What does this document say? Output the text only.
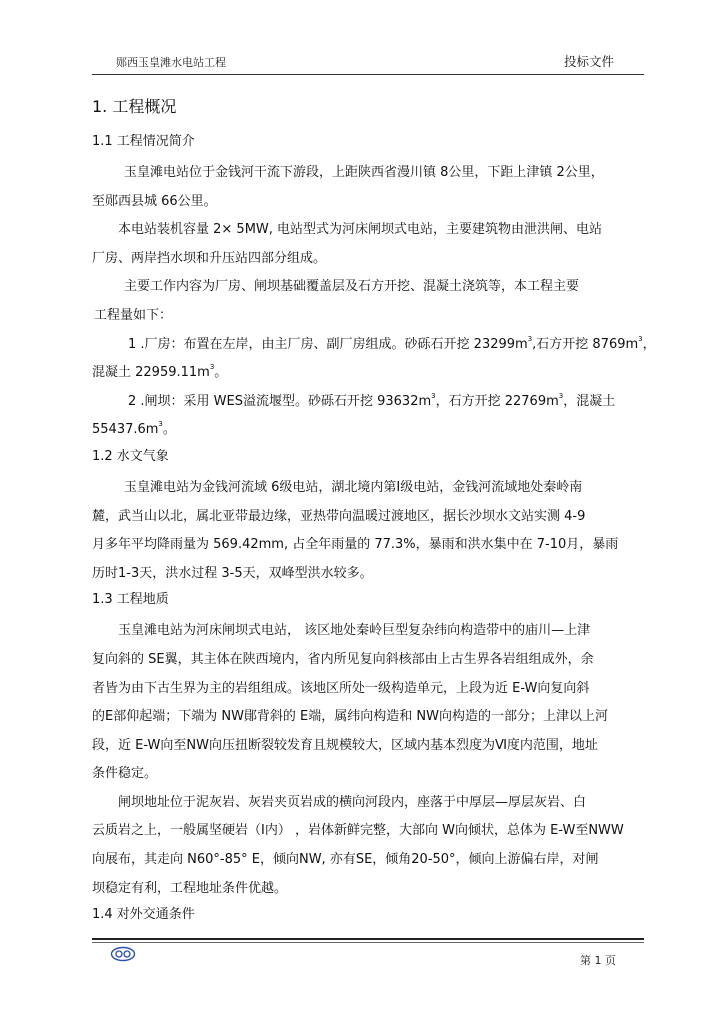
郧西玉皇滩水电站工程	投标文件
1. 工程概况
1.1 工程情况简介
玉皇滩电站位于金钱河干流下游段，上距陕西省漫川镇 8公里，下距上津镇 2公里，
至郧西县城 66公里。
本电站装机容量 2× 5MW, 电站型式为河床闸坝式电站，主要建筑物由泄洪闸、电站
厂房、两岸挡水坝和升压站四部分组成。
主要工作内容为厂房、闸坝基础覆盖层及石方开挖、混凝土浇筑等，本工程主要
工程量如下：
1 .厂房：布置在左岸，由主厂房、副厂房组成。砂砾石开挖 $23299m^3$,石方开挖 $8769m^3$，
混凝土 $22959.11m^3$。
2 .闸坝：采用 WES溢流堰型。砂砾石开挖 $93632m^3$，石方开挖 $22769m^3$，混凝土
$55437.6m^3$。
1.2 水文气象
玉皇滩电站为金钱河流域 6级电站，湖北境内第Ⅰ级电站，金钱河流域地处秦岭南
麓，武当山以北，属北亚带最边缘，亚热带向温暖过渡地区，据长沙坝水文站实测 4-9
月多年平均降雨量为 569.42mm, 占全年雨量的 77.3%，暴雨和洪水集中在 7-10月，暴雨
历时1-3天，洪水过程 3-5天，双峰型洪水较多。
1.3 工程地质
玉皇滩电站为河床闸坝式电站， 该区地处秦岭巨型复杂纬向构造带中的庙川—上津
复向斜的 SE翼，其主体在陕西境内，省内所见复向斜核部由上古生界各岩组组成外，余
者皆为由下古生界为主的岩组组成。该地区所处一级构造单元，上段为近 E-W向复向斜
的E部仰起端；下端为 NW鄖背斜的 E端，属纬向构造和 NW向构造的一部分；上津以上河
段，近 E-W向至NW向压扭断裂较发育且规模较大，区域内基本烈度为Ⅵ度内范围，地址
条件稳定。
闸坝地址位于泥灰岩、灰岩夹页岩成的横向河段内，座落于中厚层—厚层灰岩、白
云质岩之上，一般属坚硬岩（Ⅰ内） ，岩体新鲜完整，大部向 W向倾状，总体为 E-W至NWW
向展布，其走向 N60°-85° E，倾向NW, 亦有SE，倾角20-50°，倾向上游偏右岸，对闸
坝稳定有利，工程地址条件优越。
1.4 对外交通条件
第 1 页
